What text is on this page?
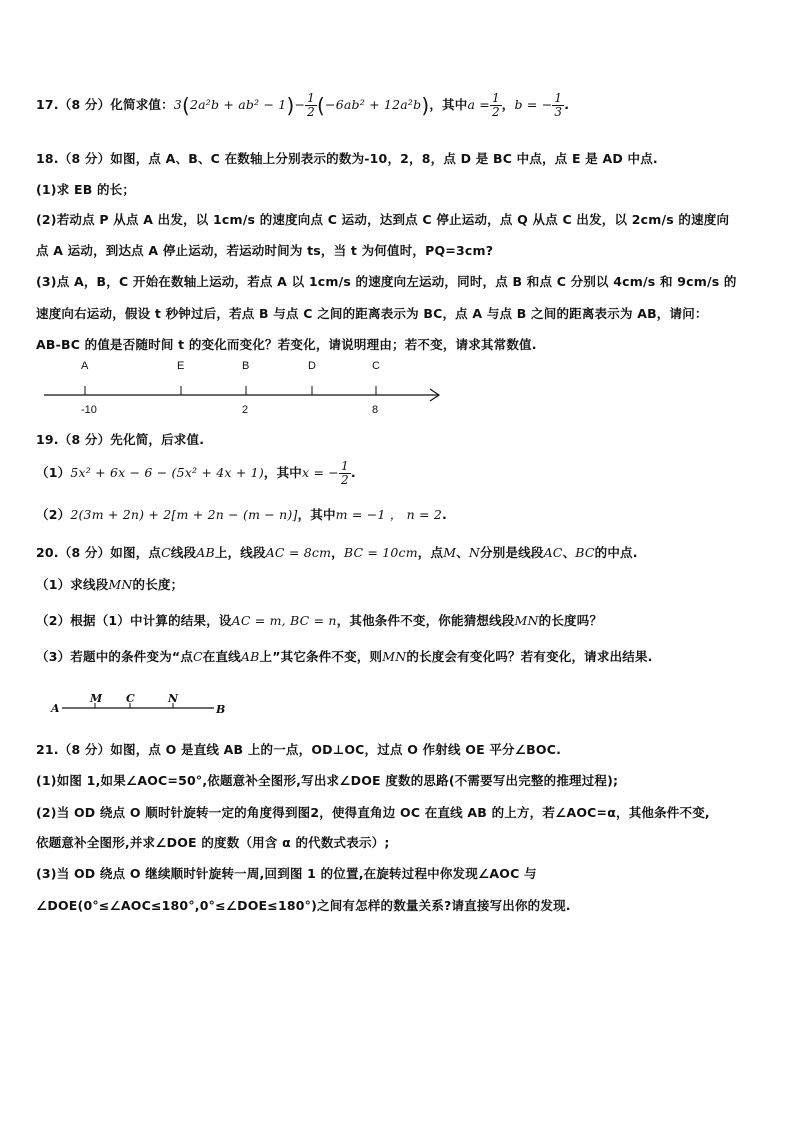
17.（8 分）化简求值：$3(2a^2b + ab^2 - 1)- \frac{1}{2} (-6ab^2 + 12a^2b)$，其中$a = \frac{1}{2}$ ，b = − $\frac{1}{3}$ .
18.（8 分）如图，点 A、B、C 在数轴上分别表示的数为-10，2，8，点 D 是 BC 中点，点 E 是 AD 中点.
(1)求 EB 的长；
(2)若动点 P 从点 A 出发，以 1cm/s 的速度向点 C 运动，达到点 C 停止运动，点 Q 从点 C 出发，以 2cm/s 的速度向
点 A 运动，到达点 A 停止运动，若运动时间为 ts，当 t 为何值时，PQ=3cm?
(3)点 A，B，C 开始在数轴上运动，若点 A 以 1cm/s 的速度向左运动，同时，点 B 和点 C 分别以 4cm/s 和 9cm/s 的
速度向右运动，假设 t 秒钟过后，若点 B 与点 C 之间的距离表示为 BC，点 A 与点 B 之间的距离表示为 AB，请问：
AB-BC 的值是否随时间 t 的变化而变化？若变化，请说明理由；若不变，请求其常数值.
A	E	B	D	C
-10	2	8
19.（8 分）先化简，后求值.
（1）5x² + 6x − 6 − (5x² + 4x + 1)，其中x = − $\frac{1}{2}$ .
（2）2(3m + 2n) + 2[m + 2n − (m − n)]，其中m = −1 ， n = 2.
20.（8 分）如图，点C线段AB上，线段AC = 8cm，BC = 10cm，点M、N分别是线段AC、BC的中点.
（1）求线段MN的长度；
（2）根据（1）中计算的结果，设AC = m, BC = n，其他条件不变，你能猜想线段MN的长度吗？
（3）若题中的条件变为“点C在直线AB上”其它条件不变，则MN的长度会有变化吗？若有变化，请求出结果.
A
M C	N
B
21.（8 分）如图，点 O 是直线 AB 上的一点，OD⊥OC，过点 O 作射线 OE 平分∠BOC.
(1)如图 1,如果∠AOC=50°,依题意补全图形,写出求∠DOE 度数的思路(不需要写出完整的推理过程);
(2)当 OD 绕点 O 顺时针旋转一定的角度得到图2，使得直角边 OC 在直线 AB 的上方，若∠AOC=α，其他条件不变,
依题意补全图形,并求∠DOE 的度数（用含 α 的代数式表示）;
(3)当 OD 绕点 O 继续顺时针旋转一周,回到图 1 的位置,在旋转过程中你发现∠AOC 与
∠DOE(0°≤∠AOC≤180°,0°≤∠DOE≤180°)之间有怎样的数量关系?请直接写出你的发现.
